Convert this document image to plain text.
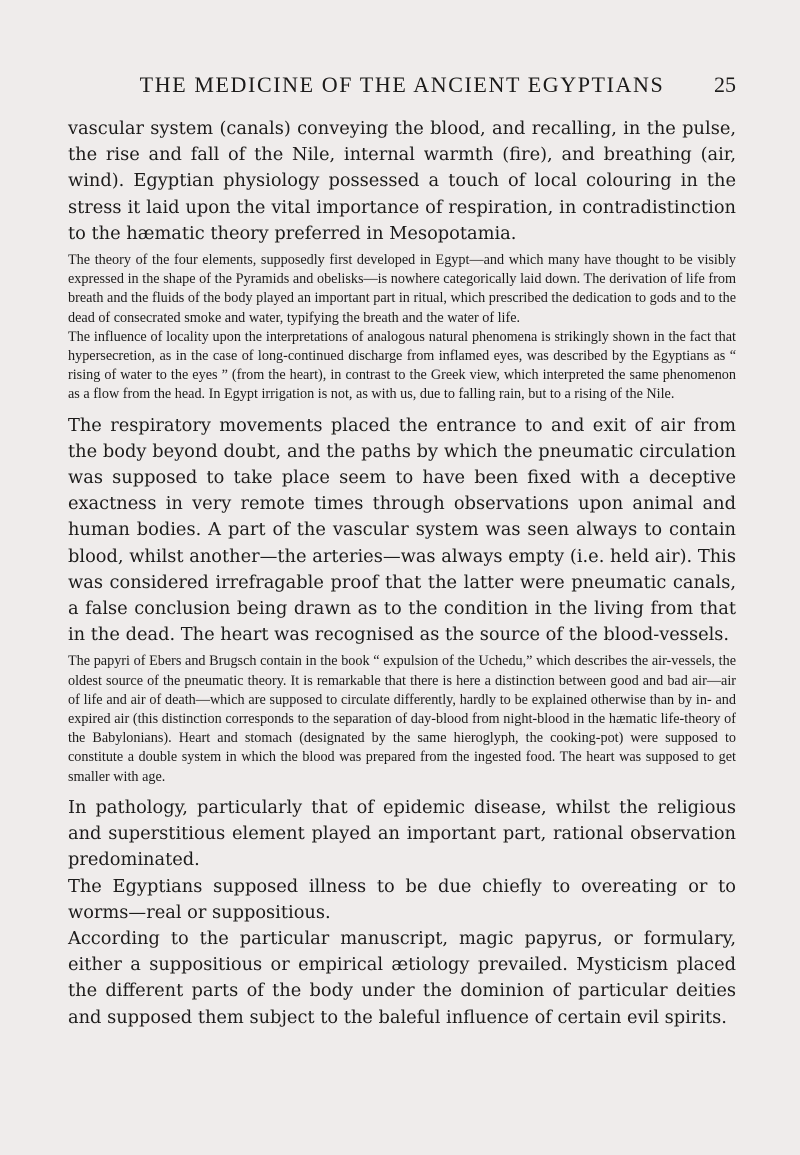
THE MEDICINE OF THE ANCIENT EGYPTIANS	25

vascular system (canals) conveying the blood, and recalling, in the pulse, the rise and fall of the Nile, internal warmth (fire), and breathing (air, wind). Egyptian physiology possessed a touch of local colouring in the stress it laid upon the vital importance of respiration, in contradistinction to the hæmatic theory preferred in Mesopotamia.

The theory of the four elements, supposedly first developed in Egypt—and which many have thought to be visibly expressed in the shape of the Pyramids and obelisks—is nowhere categorically laid down. The derivation of life from breath and the fluids of the body played an important part in ritual, which prescribed the dedication to gods and to the dead of consecrated smoke and water, typifying the breath and the water of life.

The influence of locality upon the interpretations of analogous natural phenomena is strikingly shown in the fact that hypersecretion, as in the case of long-continued discharge from inflamed eyes, was described by the Egyptians as “ rising of water to the eyes ” (from the heart), in contrast to the Greek view, which interpreted the same phenomenon as a flow from the head. In Egypt irrigation is not, as with us, due to falling rain, but to a rising of the Nile.

The respiratory movements placed the entrance to and exit of air from the body beyond doubt, and the paths by which the pneumatic circulation was supposed to take place seem to have been fixed with a deceptive exactness in very remote times through observations upon animal and human bodies. A part of the vascular system was seen always to contain blood, whilst another—the arteries—was always empty (i.e. held air). This was considered irrefragable proof that the latter were pneumatic canals, a false conclusion being drawn as to the condition in the living from that in the dead. The heart was recognised as the source of the blood-vessels.

The papyri of Ebers and Brugsch contain in the book “ expulsion of the Uchedu,” which describes the air-vessels, the oldest source of the pneumatic theory. It is remarkable that there is here a distinction between good and bad air—air of life and air of death—which are supposed to circulate differently, hardly to be explained otherwise than by in- and expired air (this distinction corresponds to the separation of day-blood from night-blood in the hæmatic life-theory of the Babylonians). Heart and stomach (designated by the same hieroglyph, the cooking-pot) were supposed to constitute a double system in which the blood was prepared from the ingested food. The heart was supposed to get smaller with age.

In pathology, particularly that of epidemic disease, whilst the religious and superstitious element played an important part, rational observation predominated.

The Egyptians supposed illness to be due chiefly to overeating or to worms—real or suppositious.

According to the particular manuscript, magic papyrus, or formulary, either a suppositious or empirical ætiology prevailed. Mysticism placed the different parts of the body under the dominion of particular deities and supposed them subject to the baleful influence of certain evil spirits.
